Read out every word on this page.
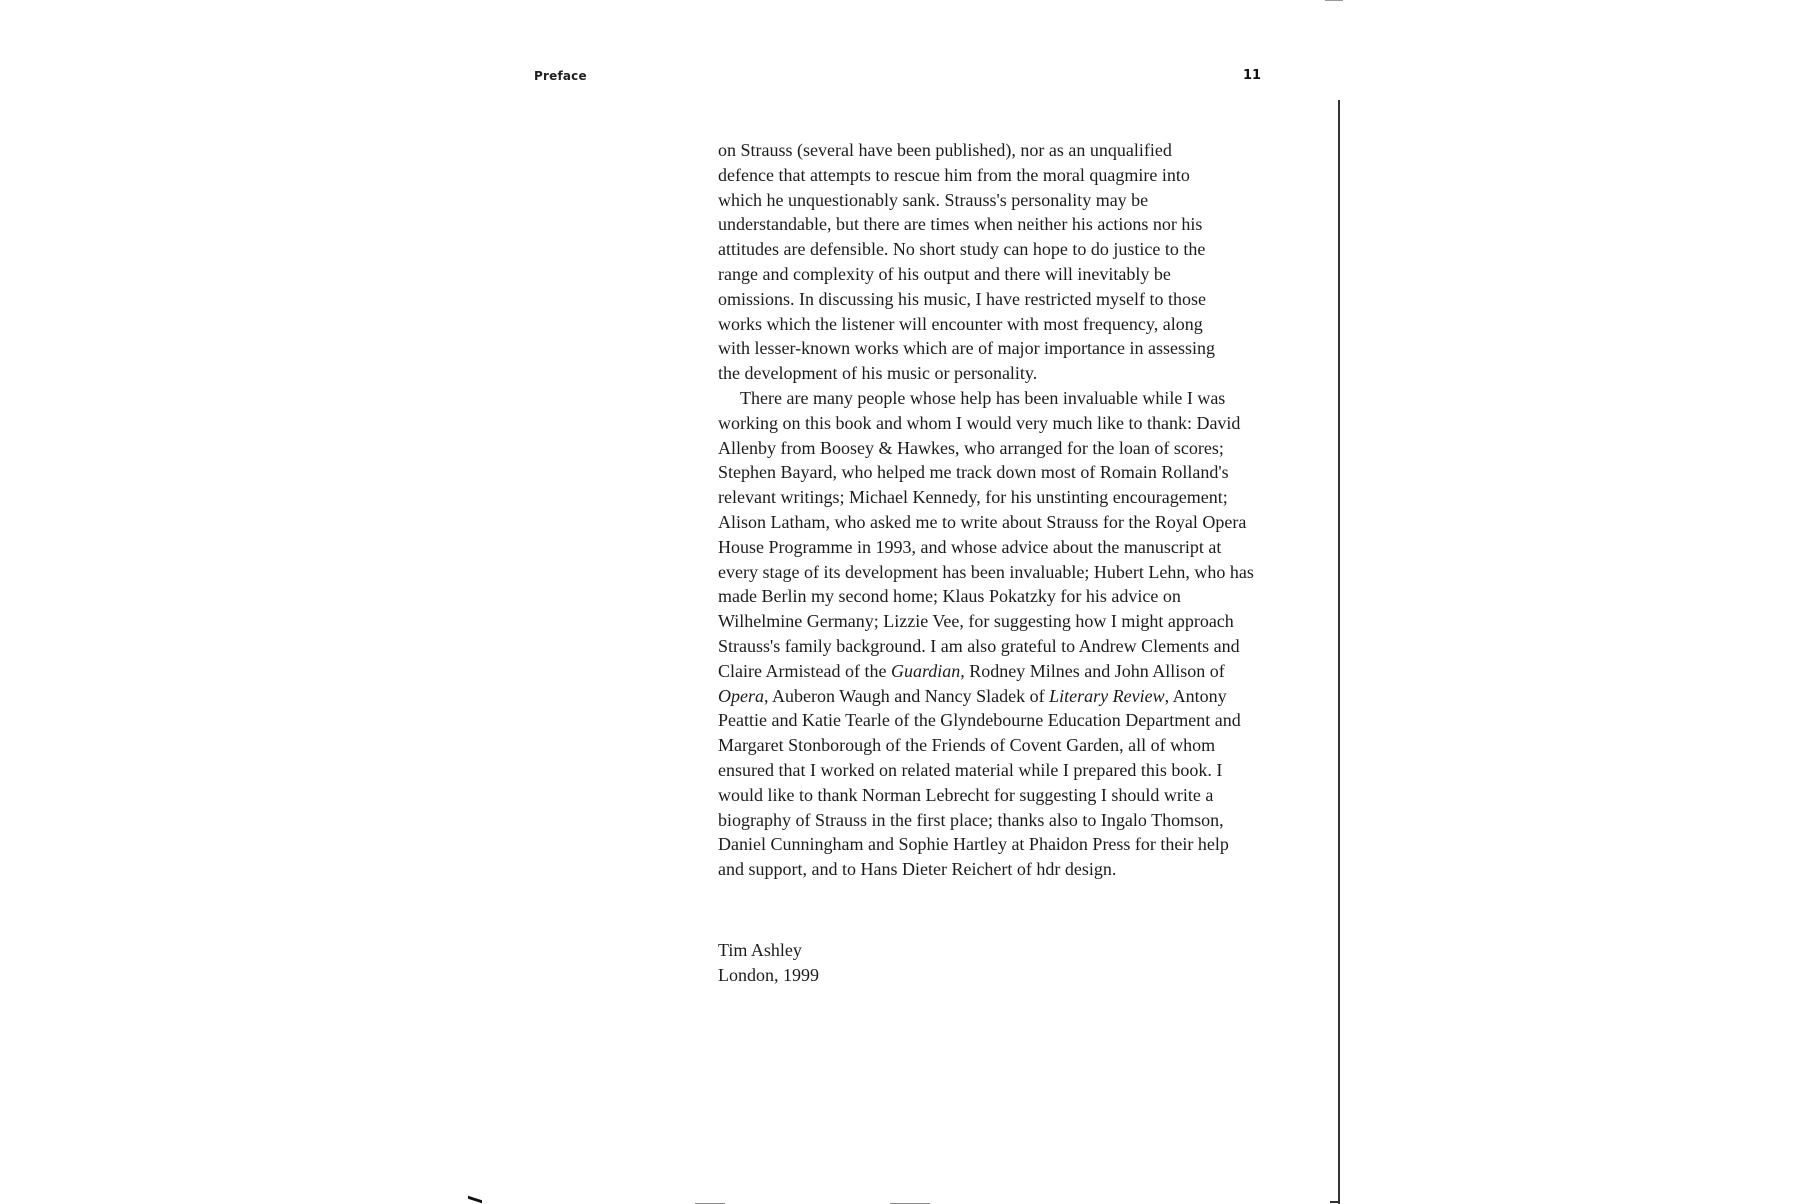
Preface	11

on Strauss (several have been published), nor as an unqualified
defence that attempts to rescue him from the moral quagmire into
which he unquestionably sank. Strauss's personality may be
understandable, but there are times when neither his actions nor his
attitudes are defensible. No short study can hope to do justice to the
range and complexity of his output and there will inevitably be
omissions. In discussing his music, I have restricted myself to those
works which the listener will encounter with most frequency, along
with lesser-known works which are of major importance in assessing
the development of his music or personality.

There are many people whose help has been invaluable while I was working on this book and whom I would very much like to thank: David Allenby from Boosey & Hawkes, who arranged for the loan of scores; Stephen Bayard, who helped me track down most of Romain Rolland's relevant writings; Michael Kennedy, for his unstinting encouragement; Alison Latham, who asked me to write about Strauss for the Royal Opera House Programme in 1993, and whose advice about the manuscript at every stage of its development has been invaluable; Hubert Lehn, who has made Berlin my second home; Klaus Pokatzky for his advice on Wilhelmine Germany; Lizzie Vee, for suggesting how I might approach Strauss's family background. I am also grateful to Andrew Clements and Claire Armistead of the Guardian, Rodney Milnes and John Allison of Opera, Auberon Waugh and Nancy Sladek of Literary Review, Antony Peattie and Katie Tearle of the Glyndebourne Education Department and Margaret Stonborough of the Friends of Covent Garden, all of whom ensured that I worked on related material while I prepared this book. I would like to thank Norman Lebrecht for suggesting I should write a biography of Strauss in the first place; thanks also to Ingalo Thomson, Daniel Cunningham and Sophie Hartley at Phaidon Press for their help and support, and to Hans Dieter Reichert of hdr design.

Tim Ashley
London, 1999
